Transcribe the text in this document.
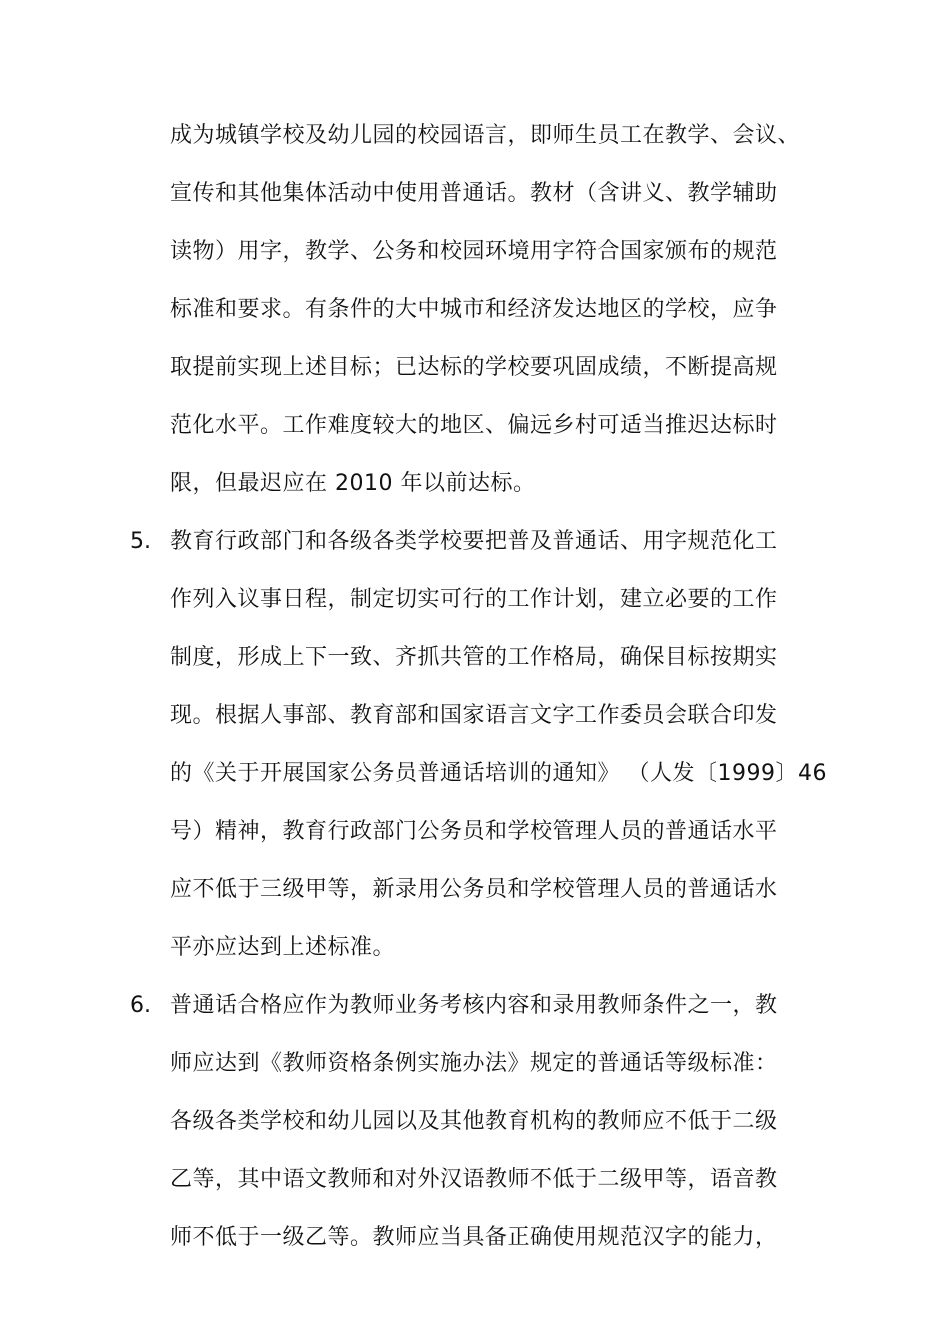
成为城镇学校及幼儿园的校园语言，即师生员工在教学、会议、
宣传和其他集体活动中使用普通话。教材（含讲义、教学辅助
读物）用字，教学、公务和校园环境用字符合国家颁布的规范
标准和要求。有条件的大中城市和经济发达地区的学校，应争
取提前实现上述目标；已达标的学校要巩固成绩，不断提高规
范化水平。工作难度较大的地区、偏远乡村可适当推迟达标时
限，但最迟应在 2010 年以前达标。
5. 教育行政部门和各级各类学校要把普及普通话、用字规范化工
作列入议事日程，制定切实可行的工作计划，建立必要的工作
制度，形成上下一致、齐抓共管的工作格局，确保目标按期实
现。根据人事部、教育部和国家语言文字工作委员会联合印发
的《关于开展国家公务员普通话培训的通知》 （人发〔1999〕46
号）精神，教育行政部门公务员和学校管理人员的普通话水平
应不低于三级甲等，新录用公务员和学校管理人员的普通话水
平亦应达到上述标准。
6. 普通话合格应作为教师业务考核内容和录用教师条件之一，教
师应达到《教师资格条例实施办法》规定的普通话等级标准：
各级各类学校和幼儿园以及其他教育机构的教师应不低于二级
乙等，其中语文教师和对外汉语教师不低于二级甲等，语音教
师不低于一级乙等。教师应当具备正确使用规范汉字的能力，
